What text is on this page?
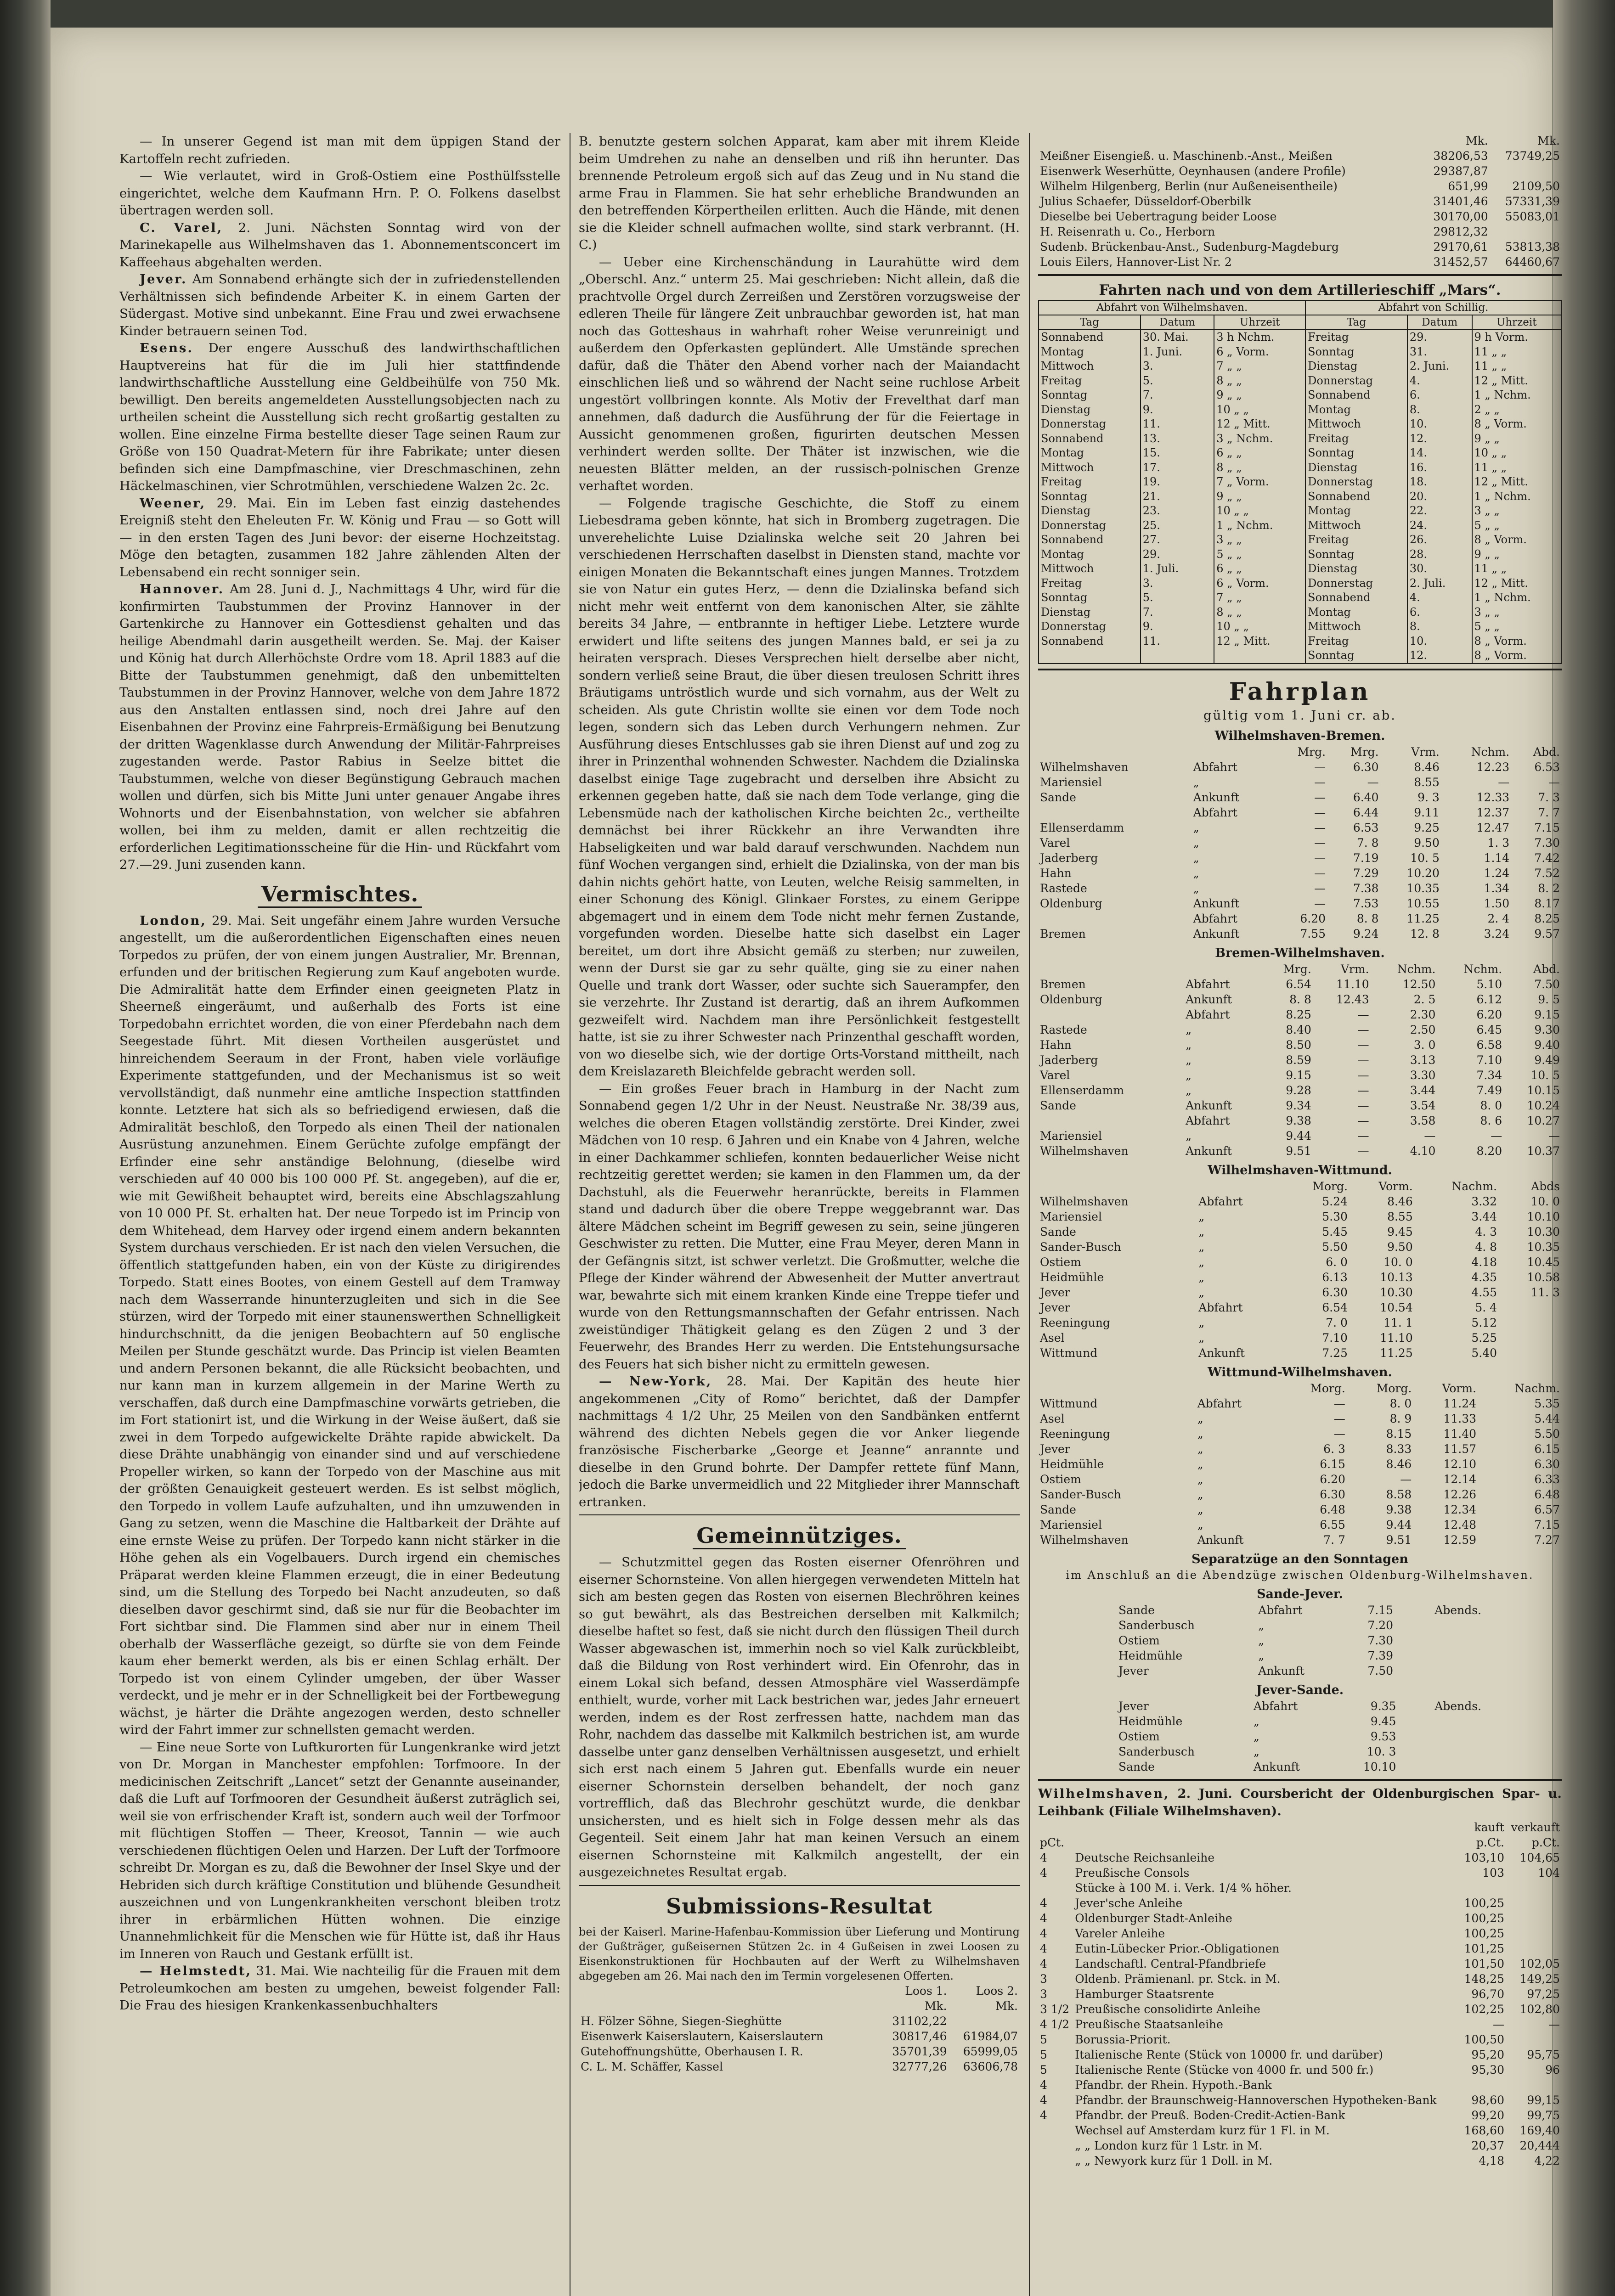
— In unserer Gegend ist man mit dem üppigen Stand der Kartoffeln recht zufrieden.

— Wie verlautet, wird in Groß-Ostiem eine Posthülfsstelle eingerichtet, welche dem Kaufmann Hrn. P. O. Folkens daselbst übertragen werden soll.

C. Varel, 2. Juni. Nächsten Sonntag wird von der Marinekapelle aus Wilhelmshaven das 1. Abonnementsconcert im Kaffeehaus abgehalten werden.

Jever. Am Sonnabend erhängte sich der in zufriedenstellenden Verhältnissen sich befindende Arbeiter K. in einem Garten der Südergast. Motive sind unbekannt. Eine Frau und zwei erwachsene Kinder betrauern seinen Tod.

Esens. Der engere Ausschuß des landwirthschaftlichen Hauptvereins hat für die im Juli hier stattfindende landwirthschaftliche Ausstellung eine Geldbeihülfe von 750 Mk. bewilligt. Den bereits angemeldeten Ausstellungsobjecten nach zu urtheilen scheint die Ausstellung sich recht großartig gestalten zu wollen. Eine einzelne Firma bestellte dieser Tage seinen Raum zur Größe von 150 Quadrat-Metern für ihre Fabrikate; unter diesen befinden sich eine Dampfmaschine, vier Dreschmaschinen, zehn Häckelmaschinen, vier Schrotmühlen, verschiedene Walzen 2c. 2c.

Weener, 29. Mai. Ein im Leben fast einzig dastehendes Ereigniß steht den Eheleuten Fr. W. König und Frau — so Gott will — in den ersten Tagen des Juni bevor: der eiserne Hochzeitstag. Möge den betagten, zusammen 182 Jahre zählenden Alten der Lebensabend ein recht sonniger sein.

Hannover. Am 28. Juni d. J., Nachmittags 4 Uhr, wird für die konfirmirten Taubstummen der Provinz Hannover in der Gartenkirche zu Hannover ein Gottesdienst gehalten und das heilige Abendmahl darin ausgetheilt werden. Se. Maj. der Kaiser und König hat durch Allerhöchste Ordre vom 18. April 1883 auf die Bitte der Taubstummen genehmigt, daß den unbemittelten Taubstummen in der Provinz Hannover, welche von dem Jahre 1872 aus den Anstalten entlassen sind, noch drei Jahre auf den Eisenbahnen der Provinz eine Fahrpreis-Ermäßigung bei Benutzung der dritten Wagenklasse durch Anwendung der Militär-Fahrpreises zugestanden werde. Pastor Rabius in Seelze bittet die Taubstummen, welche von dieser Begünstigung Gebrauch machen wollen und dürfen, sich bis Mitte Juni unter genauer Angabe ihres Wohnorts und der Eisenbahnstation, von welcher sie abfahren wollen, bei ihm zu melden, damit er allen rechtzeitig die erforderlichen Legitimationsscheine für die Hin- und Rückfahrt vom 27.—29. Juni zusenden kann.

Vermischtes.

London, 29. Mai. Seit ungefähr einem Jahre wurden Versuche angestellt, um die außerordentlichen Eigenschaften eines neuen Torpedos zu prüfen, der von einem jungen Australier, Mr. Brennan, erfunden und der britischen Regierung zum Kauf angeboten wurde. Die Admiralität hatte dem Erfinder einen geeigneten Platz in Sheerneß eingeräumt, und außerhalb des Forts ist eine Torpedobahn errichtet worden, die von einer Pferdebahn nach dem Seegestade führt. Mit diesen Vortheilen ausgerüstet und hinreichendem Seeraum in der Front, haben viele vorläufige Experimente stattgefunden, und der Mechanismus ist so weit vervollständigt, daß nunmehr eine amtliche Inspection stattfinden konnte. Letztere hat sich als so befriedigend erwiesen, daß die Admiralität beschloß, den Torpedo als einen Theil der nationalen Ausrüstung anzunehmen. Einem Gerüchte zufolge empfängt der Erfinder eine sehr anständige Belohnung, (dieselbe wird verschieden auf 40 000 bis 100 000 Pf. St. angegeben), auf die er, wie mit Gewißheit behauptet wird, bereits eine Abschlagszahlung von 10 000 Pf. St. erhalten hat. Der neue Torpedo ist im Princip von dem Whitehead, dem Harvey oder irgend einem andern bekannten System durchaus verschieden. Er ist nach den vielen Versuchen, die öffentlich stattgefunden haben, ein von der Küste zu dirigirendes Torpedo. Statt eines Bootes, von einem Gestell auf dem Tramway nach dem Wasserrande hinunterzugleiten und sich in die See stürzen, wird der Torpedo mit einer staunenswerthen Schnelligkeit hindurchschnitt, da die jenigen Beobachtern auf 50 englische Meilen per Stunde geschätzt wurde. Das Princip ist vielen Beamten und andern Personen bekannt, die alle Rücksicht beobachten, und nur kann man in kurzem allgemein in der Marine Werth zu verschaffen, daß durch eine Dampfmaschine vorwärts getrieben, die im Fort stationirt ist, und die Wirkung in der Weise äußert, daß sie zwei in dem Torpedo aufgewickelte Drähte rapide abwickelt. Da diese Drähte unabhängig von einander sind und auf verschiedene Propeller wirken, so kann der Torpedo von der Maschine aus mit der größten Genauigkeit gesteuert werden. Es ist selbst möglich, den Torpedo in vollem Laufe aufzuhalten, und ihn umzuwenden in Gang zu setzen, wenn die Maschine die Haltbarkeit der Drähte auf eine ernste Weise zu prüfen. Der Torpedo kann nicht stärker in die Höhe gehen als ein Vogelbauers. Durch irgend ein chemisches Präparat werden kleine Flammen erzeugt, die in einer Bedeutung sind, um die Stellung des Torpedo bei Nacht anzudeuten, so daß dieselben davor geschirmt sind, daß sie nur für die Beobachter im Fort sichtbar sind. Die Flammen sind aber nur in einem Theil oberhalb der Wasserfläche gezeigt, so dürfte sie von dem Feinde kaum eher bemerkt werden, als bis er einen Schlag erhält. Der Torpedo ist von einem Cylinder umgeben, der über Wasser verdeckt, und je mehr er in der Schnelligkeit bei der Fortbewegung wächst, je härter die Drähte angezogen werden, desto schneller wird der Fahrt immer zur schnellsten gemacht werden.

— Eine neue Sorte von Luftkurorten für Lungenkranke wird jetzt von Dr. Morgan in Manchester empfohlen: Torfmoore. In der medicinischen Zeitschrift „Lancet“ setzt der Genannte auseinander, daß die Luft auf Torfmooren der Gesundheit äußerst zuträglich sei, weil sie von erfrischender Kraft ist, sondern auch weil der Torfmoor mit flüchtigen Stoffen — Theer, Kreosot, Tannin — wie auch verschiedenen flüchtigen Oelen und Harzen. Der Luft der Torfmoore schreibt Dr. Morgan es zu, daß die Bewohner der Insel Skye und der Hebriden sich durch kräftige Constitution und blühende Gesundheit auszeichnen und von Lungenkrankheiten verschont bleiben trotz ihrer in erbärmlichen Hütten wohnen. Die einzige Unannehmlichkeit für die Menschen wie für Hütte ist, daß ihr Haus im Inneren von Rauch und Gestank erfüllt ist.

— Helmstedt, 31. Mai. Wie nachteilig für die Frauen mit dem Petroleumkochen am besten zu umgehen, beweist folgender Fall: Die Frau des hiesigen Krankenkassenbuchhalters

B. benutzte gestern solchen Apparat, kam aber mit ihrem Kleide beim Umdrehen zu nahe an denselben und riß ihn herunter. Das brennende Petroleum ergoß sich auf das Zeug und in Nu stand die arme Frau in Flammen. Sie hat sehr erhebliche Brandwunden an den betreffenden Körpertheilen erlitten. Auch die Hände, mit denen sie die Kleider schnell aufmachen wollte, sind stark verbrannt. (H. C.)

— Ueber eine Kirchenschändung in Laurahütte wird dem „Oberschl. Anz.“ unterm 25. Mai geschrieben: Nicht allein, daß die prachtvolle Orgel durch Zerreißen und Zerstören vorzugsweise der edleren Theile für längere Zeit unbrauchbar geworden ist, hat man noch das Gotteshaus in wahrhaft roher Weise verunreinigt und außerdem den Opferkasten geplündert. Alle Umstände sprechen dafür, daß die Thäter den Abend vorher nach der Maiandacht einschlichen ließ und so während der Nacht seine ruchlose Arbeit ungestört vollbringen konnte. Als Motiv der Frevelthat darf man annehmen, daß dadurch die Ausführung der für die Feiertage in Aussicht genommenen großen, figurirten deutschen Messen verhindert werden sollte. Der Thäter ist inzwischen, wie die neuesten Blätter melden, an der russisch-polnischen Grenze verhaftet worden.

— Folgende tragische Geschichte, die Stoff zu einem Liebesdrama geben könnte, hat sich in Bromberg zugetragen. Die unverehelichte Luise Dzialinska welche seit 20 Jahren bei verschiedenen Herrschaften daselbst in Diensten stand, machte vor einigen Monaten die Bekanntschaft eines jungen Mannes. Trotzdem sie von Natur ein gutes Herz, — denn die Dzialinska befand sich nicht mehr weit entfernt von dem kanonischen Alter, sie zählte bereits 34 Jahre, — entbrannte in heftiger Liebe. Letztere wurde erwidert und lifte seitens des jungen Mannes bald, er sei ja zu heiraten versprach. Dieses Versprechen hielt derselbe aber nicht, sondern verließ seine Braut, die über diesen treulosen Schritt ihres Bräutigams untröstlich wurde und sich vornahm, aus der Welt zu scheiden. Als gute Christin wollte sie einen vor dem Tode noch legen, sondern sich das Leben durch Verhungern nehmen. Zur Ausführung dieses Entschlusses gab sie ihren Dienst auf und zog zu ihrer in Prinzenthal wohnenden Schwester. Nachdem die Dzialinska daselbst einige Tage zugebracht und derselben ihre Absicht zu erkennen gegeben hatte, daß sie nach dem Tode verlange, ging die Lebensmüde nach der katholischen Kirche beichten 2c., vertheilte demnächst bei ihrer Rückkehr an ihre Verwandten ihre Habseligkeiten und war bald darauf verschwunden. Nachdem nun fünf Wochen vergangen sind, erhielt die Dzialinska, von der man bis dahin nichts gehört hatte, von Leuten, welche Reisig sammelten, in einer Schonung des Königl. Glinkaer Forstes, zu einem Gerippe abgemagert und in einem dem Tode nicht mehr fernen Zustande, vorgefunden worden. Dieselbe hatte sich daselbst ein Lager bereitet, um dort ihre Absicht gemäß zu sterben; nur zuweilen, wenn der Durst sie gar zu sehr quälte, ging sie zu einer nahen Quelle und trank dort Wasser, oder suchte sich Sauerampfer, den sie verzehrte. Ihr Zustand ist derartig, daß an ihrem Aufkommen gezweifelt wird. Nachdem man ihre Persönlichkeit festgestellt hatte, ist sie zu ihrer Schwester nach Prinzenthal geschafft worden, von wo dieselbe sich, wie der dortige Orts-Vorstand mittheilt, nach dem Kreislazareth Bleichfelde gebracht werden soll.

— Ein großes Feuer brach in Hamburg in der Nacht zum Sonnabend gegen 1/2 Uhr in der Neust. Neustraße Nr. 38/39 aus, welches die oberen Etagen vollständig zerstörte. Drei Kinder, zwei Mädchen von 10 resp. 6 Jahren und ein Knabe von 4 Jahren, welche in einer Dachkammer schliefen, konnten bedauerlicher Weise nicht rechtzeitig gerettet werden; sie kamen in den Flammen um, da der Dachstuhl, als die Feuerwehr heranrückte, bereits in Flammen stand und dadurch über die obere Treppe weggebrannt war. Das ältere Mädchen scheint im Begriff gewesen zu sein, seine jüngeren Geschwister zu retten. Die Mutter, eine Frau Meyer, deren Mann in der Gefängnis sitzt, ist schwer verletzt. Die Großmutter, welche die Pflege der Kinder während der Abwesenheit der Mutter anvertraut war, bewahrte sich mit einem kranken Kinde eine Treppe tiefer und wurde von den Rettungsmannschaften der Gefahr entrissen. Nach zweistündiger Thätigkeit gelang es den Zügen 2 und 3 der Feuerwehr, des Brandes Herr zu werden. Die Entstehungsursache des Feuers hat sich bisher nicht zu ermitteln gewesen.

— New-York, 28. Mai. Der Kapitän des heute hier angekommenen „City of Romo“ berichtet, daß der Dampfer nachmittags 4 1/2 Uhr, 25 Meilen von den Sandbänken entfernt während des dichten Nebels gegen die vor Anker liegende französische Fischerbarke „George et Jeanne“ anrannte und dieselbe in den Grund bohrte. Der Dampfer rettete fünf Mann, jedoch die Barke unvermeidlich und 22 Mitglieder ihrer Mannschaft ertranken.

Gemeinnütziges.

— Schutzmittel gegen das Rosten eiserner Ofenröhren und eiserner Schornsteine. Von allen hiergegen verwendeten Mitteln hat sich am besten gegen das Rosten von eisernen Blechröhren keines so gut bewährt, als das Bestreichen derselben mit Kalkmilch; dieselbe haftet so fest, daß sie nicht durch den flüssigen Theil durch Wasser abgewaschen ist, immerhin noch so viel Kalk zurückbleibt, daß die Bildung von Rost verhindert wird. Ein Ofenrohr, das in einem Lokal sich befand, dessen Atmosphäre viel Wasserdämpfe enthielt, wurde, vorher mit Lack bestrichen war, jedes Jahr erneuert werden, indem es der Rost zerfressen hatte, nachdem man das Rohr, nachdem das dasselbe mit Kalkmilch bestrichen ist, am wurde dasselbe unter ganz denselben Verhältnissen ausgesetzt, und erhielt sich erst nach einem 5 Jahren gut. Ebenfalls wurde ein neuer eiserner Schornstein derselben behandelt, der noch ganz vortrefflich, daß das Blechrohr geschützt wurde, die denkbar unsichersten, und es hielt sich in Folge dessen mehr als das Gegenteil. Seit einem Jahr hat man keinen Versuch an einem eisernen Schornsteine mit Kalkmilch angestellt, der ein ausgezeichnetes Resultat ergab.

Submissions-Resultat

bei der Kaiserl. Marine-Hafenbau-Kommission über Lieferung und Montirung der Gußträger, gußeisernen Stützen 2c. in 4 Gußeisen in zwei Loosen zu Eisenkonstruktionen für Hochbauten auf der Werft zu Wilhelmshaven abgegeben am 26. Mai nach den im Termin vorgelesenen Offerten.

	Loos 1.	Loos 2.
	Mk.	Mk.
H. Fölzer Söhne, Siegen-Sieghütte	31102,22	
Eisenwerk Kaiserslautern, Kaiserslautern	30817,46	61984,07
Gutehoffnungshütte, Oberhausen I. R.	35701,39	65999,05
C. L. M. Schäffer, Kassel	32777,26	63606,78
	Mk.	Mk.
Meißner Eisengieß. u. Maschinenb.-Anst., Meißen	38206,53	73749,25
Eisenwerk Weserhütte, Oeynhausen (andere Profile)	29387,87	
Wilhelm Hilgenberg, Berlin (nur Außeneisentheile)	651,99	2109,50
Julius Schaefer, Düsseldorf-Oberbilk	31401,46	57331,39
Dieselbe bei Uebertragung beider Loose	30170,00	55083,01
H. Reisenrath u. Co., Herborn	29812,32	
Sudenb. Brückenbau-Anst., Sudenburg-Magdeburg	29170,61	53813,38
Louis Eilers, Hannover-List Nr. 2	31452,57	64460,67
Fahrten nach und von dem Artillerieschiff „Mars“.
Abfahrt von Wilhelmshaven.			Abfahrt von Schillig.		
Tag	Datum	Uhrzeit	Tag	Datum	Uhrzeit
Sonnabend	30. Mai.	3 h Nchm.	Freitag	29.	9 h Vorm.
Montag	1. Juni.	6 „ Vorm.	Sonntag	31.	11 „ „
Mittwoch	3.	7 „ „	Dienstag	2. Juni.	11 „ „
Freitag	5.	8 „ „	Donnerstag	4.	12 „ Mitt.
Sonntag	7.	9 „ „	Sonnabend	6.	1 „ Nchm.
Dienstag	9.	10 „ „	Montag	8.	2 „ „
Donnerstag	11.	12 „ Mitt.	Mittwoch	10.	8 „ Vorm.
Sonnabend	13.	3 „ Nchm.	Freitag	12.	9 „ „
Montag	15.	6 „ „	Sonntag	14.	10 „ „
Mittwoch	17.	8 „ „	Dienstag	16.	11 „ „
Freitag	19.	7 „ Vorm.	Donnerstag	18.	12 „ Mitt.
Sonntag	21.	9 „ „	Sonnabend	20.	1 „ Nchm.
Dienstag	23.	10 „ „	Montag	22.	3 „ „
Donnerstag	25.	1 „ Nchm.	Mittwoch	24.	5 „ „
Sonnabend	27.	3 „ „	Freitag	26.	8 „ Vorm.
Montag	29.	5 „ „	Sonntag	28.	9 „ „
Mittwoch	1. Juli.	6 „ „	Dienstag	30.	11 „ „
Freitag	3.	6 „ Vorm.	Donnerstag	2. Juli.	12 „ Mitt.
Sonntag	5.	7 „ „	Sonnabend	4.	1 „ Nchm.
Dienstag	7.	8 „ „	Montag	6.	3 „ „
Donnerstag	9.	10 „ „	Mittwoch	8.	5 „ „
Sonnabend	11.	12 „ Mitt.	Freitag	10.	8 „ Vorm.
			Sonntag	12.	8 „ Vorm.
Fahrplan
gültig vom 1. Juni cr. ab.
Wilhelmshaven-Bremen.
		Mrg.	Mrg.	Vrm.	Nchm.	Abd.
Wilhelmshaven	Abfahrt	—	6.30	8.46	12.23	6.53
Mariensiel	„	—	—	8.55	—	—
Sande	Ankunft	—	6.40	9. 3	12.33	7. 3
	Abfahrt	—	6.44	9.11	12.37	7. 7
Ellenserdamm	„	—	6.53	9.25	12.47	7.15
Varel	„	—	7. 8	9.50	1. 3	7.30
Jaderberg	„	—	7.19	10. 5	1.14	7.42
Hahn	„	—	7.29	10.20	1.24	7.52
Rastede	„	—	7.38	10.35	1.34	8. 2
Oldenburg	Ankunft	—	7.53	10.55	1.50	8.17
	Abfahrt	6.20	8. 8	11.25	2. 4	8.25
Bremen	Ankunft	7.55	9.24	12. 8	3.24	9.57
Bremen-Wilhelmshaven.
		Mrg.	Vrm.	Nchm.	Nchm.	Abd.
Bremen	Abfahrt	6.54	11.10	12.50	5.10	7.50
Oldenburg	Ankunft	8. 8	12.43	2. 5	6.12	9. 5
	Abfahrt	8.25	—	2.30	6.20	9.15
Rastede	„	8.40	—	2.50	6.45	9.30
Hahn	„	8.50	—	3. 0	6.58	9.40
Jaderberg	„	8.59	—	3.13	7.10	9.49
Varel	„	9.15	—	3.30	7.34	10. 5
Ellenserdamm	„	9.28	—	3.44	7.49	10.15
Sande	Ankunft	9.34	—	3.54	8. 0	10.24
	Abfahrt	9.38	—	3.58	8. 6	10.27
Mariensiel	„	9.44	—	—	—	—
Wilhelmshaven	Ankunft	9.51	—	4.10	8.20	10.37
Wilhelmshaven-Wittmund.
		Morg.	Vorm.	Nachm.	Abds
Wilhelmshaven	Abfahrt	5.24	8.46	3.32	10. 0
Mariensiel	„	5.30	8.55	3.44	10.10
Sande	„	5.45	9.45	4. 3	10.30
Sander-Busch	„	5.50	9.50	4. 8	10.35
Ostiem	„	6. 0	10. 0	4.18	10.45
Heidmühle	„	6.13	10.13	4.35	10.58
Jever	„	6.30	10.30	4.55	11. 3
Jever	Abfahrt	6.54	10.54	5. 4	
Reeningung	„	7. 0	11. 1	5.12	
Asel	„	7.10	11.10	5.25	
Wittmund	Ankunft	7.25	11.25	5.40	
Wittmund-Wilhelmshaven.
		Morg.	Morg.	Vorm.	Nachm.
Wittmund	Abfahrt	—	8. 0	11.24	5.35
Asel	„	—	8. 9	11.33	5.44
Reeningung	„	—	8.15	11.40	5.50
Jever	„	6. 3	8.33	11.57	6.15
Heidmühle	„	6.15	8.46	12.10	6.30
Ostiem	„	6.20	—	12.14	6.33
Sander-Busch	„	6.30	8.58	12.26	6.48
Sande	„	6.48	9.38	12.34	6.57
Mariensiel	„	6.55	9.44	12.48	7.15
Wilhelmshaven	Ankunft	7. 7	9.51	12.59	7.27
Separatzüge an den Sonntagen
im Anschluß an die Abendzüge zwischen Oldenburg-Wilhelmshaven.
Sande-Jever.
Sande	Abfahrt	7.15	Abends.
Sanderbusch	„	7.20	
Ostiem	„	7.30	
Heidmühle	„	7.39	
Jever	Ankunft	7.50	
Jever-Sande.
Jever	Abfahrt	9.35	Abends.
Heidmühle	„	9.45	
Ostiem	„	9.53	
Sanderbusch	„	10. 3	
Sande	Ankunft	10.10	

Wilhelmshaven, 2. Juni. Coursbericht der Oldenburgischen Spar- u. Leihbank (Filiale Wilhelmshaven).

		kauft	verkauft
pCt.		p.Ct.	p.Ct.
4	Deutsche Reichsanleihe	103,10	104,65
4	Preußische Consols	103	104
	Stücke à 100 M. i. Verk. 1/4 % höher.		
4	Jever'sche Anleihe	100,25	
4	Oldenburger Stadt-Anleihe	100,25	
4	Vareler Anleihe	100,25	
4	Eutin-Lübecker Prior.-Obligationen	101,25	
4	Landschaftl. Central-Pfandbriefe	101,50	102,05
3	Oldenb. Prämienanl. pr. Stck. in M.	148,25	149,25
3	Hamburger Staatsrente	96,70	97,25
3 1/2	Preußische consolidirte Anleihe	102,25	102,80
4 1/2	Preußische Staatsanleihe	—	—
5	Borussia-Priorit.	100,50	
5	Italienische Rente (Stück von 10000 fr. und darüber)	95,20	95,75
5	Italienische Rente (Stücke von 4000 fr. und 500 fr.)	95,30	96
4	Pfandbr. der Rhein. Hypoth.-Bank		
4	Pfandbr. der Braunschweig-Hannoverschen Hypotheken-Bank	98,60	99,15
4	Pfandbr. der Preuß. Boden-Credit-Actien-Bank	99,20	99,75
	Wechsel auf Amsterdam kurz für 1 Fl. in M.	168,60	169,40
	„ „ London kurz für 1 Lstr. in M.	20,37	20,444
	„ „ Newyork kurz für 1 Doll. in M.	4,18	4,22
